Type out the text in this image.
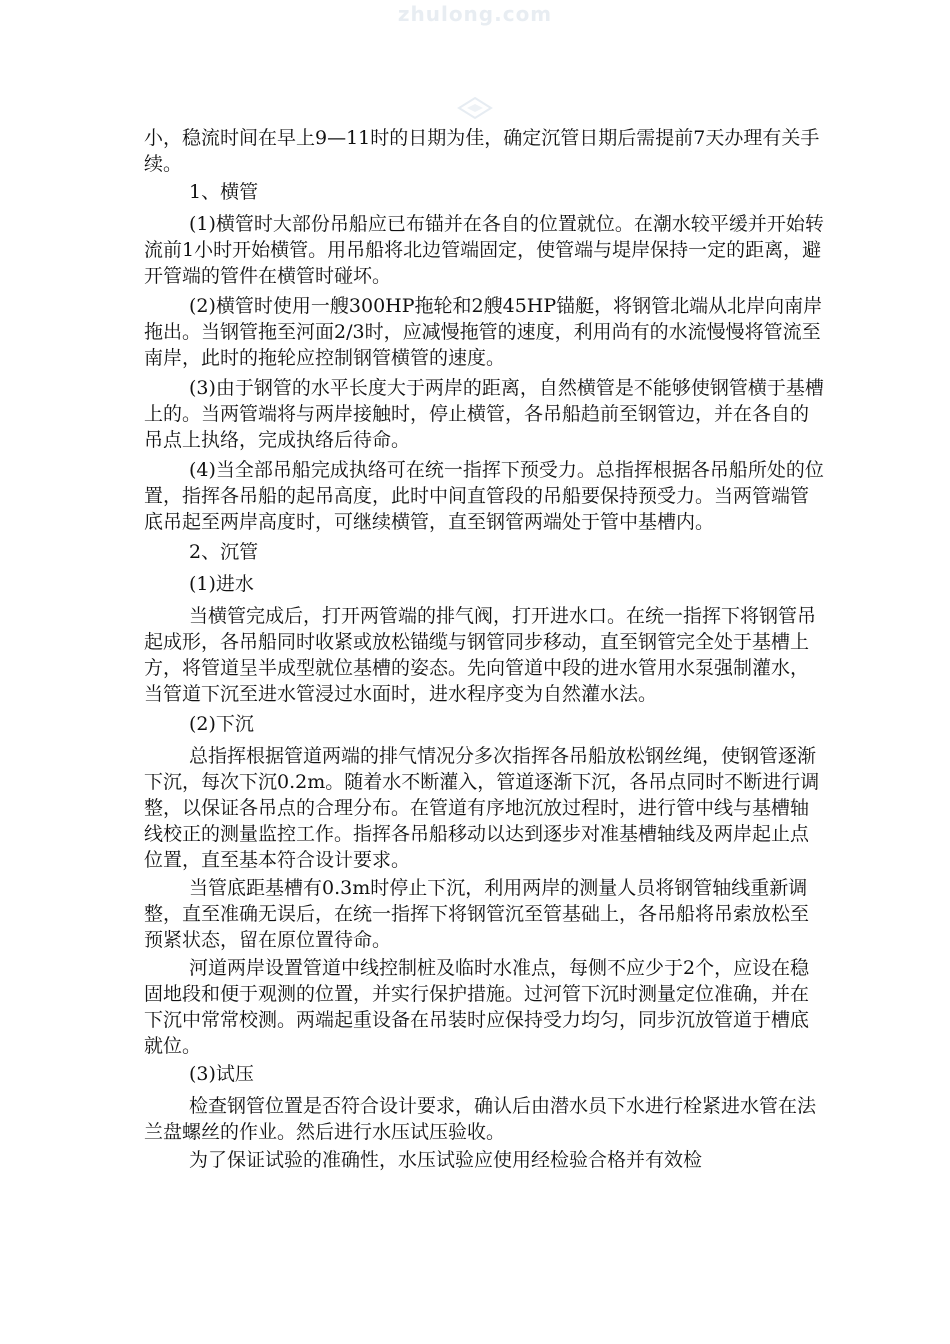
zhulong.com

小，稳流时间在早上9—11时的日期为佳，确定沉管日期后需提前7天办理有关手续。

1、横管

(1)横管时大部份吊船应已布锚并在各自的位置就位。在潮水较平缓并开始转流前1小时开始横管。用吊船将北边管端固定，使管端与堤岸保持一定的距离，避开管端的管件在横管时碰坏。

(2)横管时使用一艘300HP拖轮和2艘45HP锚艇，将钢管北端从北岸向南岸拖出。当钢管拖至河面2/3时，应减慢拖管的速度，利用尚有的水流慢慢将管流至南岸，此时的拖轮应控制钢管横管的速度。

(3)由于钢管的水平长度大于两岸的距离，自然横管是不能够使钢管横于基槽上的。当两管端将与两岸接触时，停止横管，各吊船趋前至钢管边，并在各自的吊点上执络，完成执络后待命。

(4)当全部吊船完成执络可在统一指挥下预受力。总指挥根据各吊船所处的位置，指挥各吊船的起吊高度，此时中间直管段的吊船要保持预受力。当两管端管底吊起至两岸高度时，可继续横管，直至钢管两端处于管中基槽内。

2、沉管

(1)进水

当横管完成后，打开两管端的排气阀，打开进水口。在统一指挥下将钢管吊起成形，各吊船同时收紧或放松锚缆与钢管同步移动，直至钢管完全处于基槽上方，将管道呈半成型就位基槽的姿态。先向管道中段的进水管用水泵强制灌水，当管道下沉至进水管浸过水面时，进水程序变为自然灌水法。

(2)下沉

总指挥根据管道两端的排气情况分多次指挥各吊船放松钢丝绳，使钢管逐渐下沉，每次下沉0.2m。随着水不断灌入，管道逐渐下沉，各吊点同时不断进行调整，以保证各吊点的合理分布。在管道有序地沉放过程时，进行管中线与基槽轴线校正的测量监控工作。指挥各吊船移动以达到逐步对准基槽轴线及两岸起止点位置，直至基本符合设计要求。

当管底距基槽有0.3m时停止下沉，利用两岸的测量人员将钢管轴线重新调整，直至准确无误后，在统一指挥下将钢管沉至管基础上，各吊船将吊索放松至预紧状态，留在原位置待命。

河道两岸设置管道中线控制桩及临时水准点，每侧不应少于2个，应设在稳固地段和便于观测的位置，并实行保护措施。过河管下沉时测量定位准确，并在下沉中常常校测。两端起重设备在吊装时应保持受力均匀，同步沉放管道于槽底就位。

(3)试压

检查钢管位置是否符合设计要求，确认后由潜水员下水进行栓紧进水管在法兰盘螺丝的作业。然后进行水压试压验收。

为了保证试验的准确性，水压试验应使用经检验合格并有效检
